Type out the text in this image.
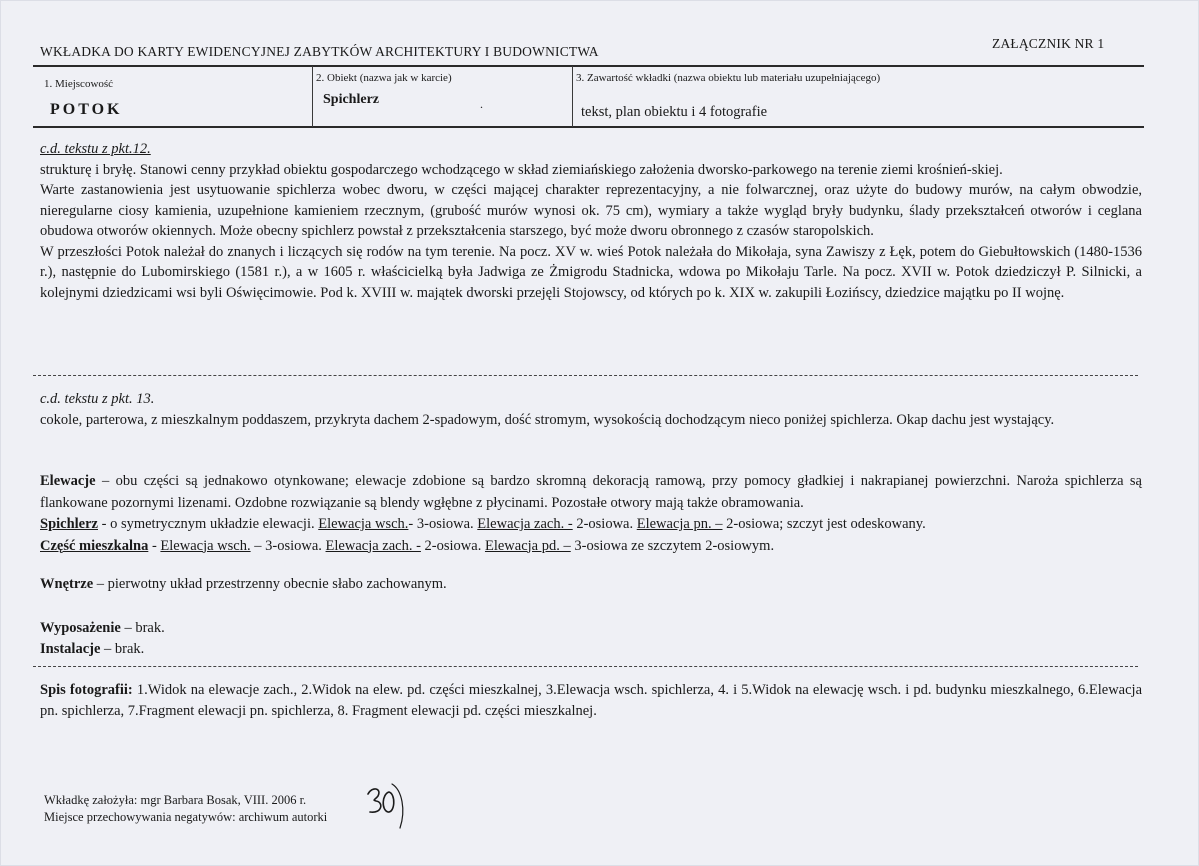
WKŁADKA DO KARTY EWIDENCYJNEJ ZABYTKÓW ARCHITEKTURY I BUDOWNICTWA
ZAŁĄCZNIK NR 1
1. Miejscowość
POTOK
2. Obiekt (nazwa jak w karcie)
Spichlerz	.
3. Zawartość wkładki (nazwa obiektu lub materiału uzupełniającego)
tekst, plan obiektu i 4 fotografie

c.d. tekstu z pkt.12.

strukturę i bryłę. Stanowi cenny przykład obiektu gospodarczego wchodzącego w skład ziemiańskiego założenia dworsko-parkowego na terenie ziemi krośnień-skiej.

Warte zastanowienia jest usytuowanie spichlerza wobec dworu, w części mającej charakter reprezentacyjny, a nie folwarcznej, oraz użyte do budowy murów, na całym obwodzie, nieregularne ciosy kamienia, uzupełnione kamieniem rzecznym, (grubość murów wynosi ok. 75 cm), wymiary a także wygląd bryły budynku, ślady przekształceń otworów i ceglana obudowa otworów okiennych. Może obecny spichlerz powstał z przekształcenia starszego, być może dworu obronnego z czasów staropolskich.

W przeszłości Potok należał do znanych i liczących się rodów na tym terenie. Na pocz. XV w. wieś Potok należała do Mikołaja, syna Zawiszy z Łęk, potem do Giebułtowskich (1480-1536 r.), następnie do Lubomirskiego (1581 r.), a w 1605 r. właścicielką była Jadwiga ze Żmigrodu Stadnicka, wdowa po Mikołaju Tarle. Na pocz. XVII w. Potok dziedziczył P. Silnicki, a kolejnymi dziedzicami wsi byli Oświęcimowie. Pod k. XVIII w. majątek dworski przejęli Stojowscy, od których po k. XIX w. zakupili Łozińscy, dziedzice majątku po II wojnę.

c.d. tekstu z pkt. 13.

cokole, parterowa, z mieszkalnym poddaszem, przykryta dachem 2-spadowym, dość stromym, wysokością dochodzącym nieco poniżej spichlerza. Okap dachu jest wystający.

Elewacje – obu części są jednakowo otynkowane; elewacje zdobione są bardzo skromną dekoracją ramową, przy pomocy gładkiej i nakrapianej powierzchni. Naroża spichlerza są flankowane pozornymi lizenami. Ozdobne rozwiązanie są blendy wgłębne z płycinami. Pozostałe otwory mają także obramowania.

Spichlerz - o symetrycznym układzie elewacji. Elewacja wsch.- 3-osiowa. Elewacja zach. - 2-osiowa. Elewacja pn. – 2-osiowa; szczyt jest odeskowany.

Część mieszkalna - Elewacja wsch. – 3-osiowa. Elewacja zach. - 2-osiowa. Elewacja pd. – 3-osiowa ze szczytem 2-osiowym.

Wnętrze – pierwotny układ przestrzenny obecnie słabo zachowanym.

Wyposażenie – brak.

Instalacje – brak.

Spis fotografii: 1.Widok na elewacje zach., 2.Widok na elew. pd. części mieszkalnej, 3.Elewacja wsch. spichlerza, 4. i 5.Widok na elewację wsch. i pd. budynku mieszkalnego, 6.Elewacja pn. spichlerza, 7.Fragment elewacji pn. spichlerza, 8. Fragment elewacji pd. części mieszkalnej.

Wkładkę założyła: mgr Barbara Bosak, VIII. 2006 r.
Miejsce przechowywania negatywów: archiwum autorki
